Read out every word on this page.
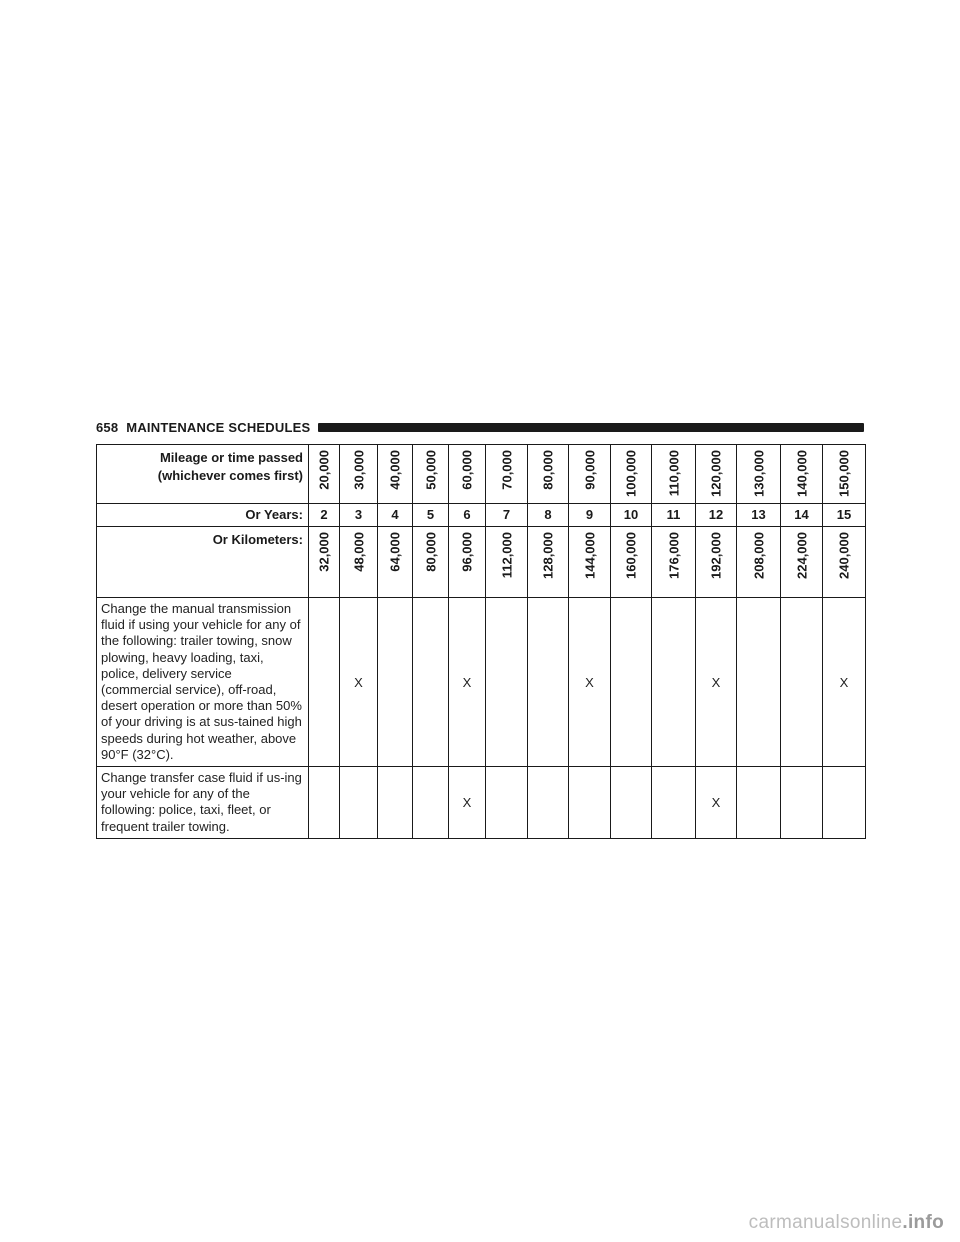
658 MAINTENANCE SCHEDULES
Mileage or time passed
(whichever comes first)	20,000	30,000	40,000	50,000	60,000	70,000	80,000	90,000	100,000	110,000	120,000	130,000	140,000	150,000

Or Years:	2	3	4	5	6	7	8	9	10	11	12	13	14	15
Or Kilometers:	32,000	48,000	64,000	80,000	96,000	112,000	128,000	144,000	160,000	176,000	192,000	208,000	224,000	240,000

Change the manual transmission fluid if using your vehicle for any of the following: trailer towing, snow plowing, heavy loading, taxi, police, delivery service (commercial service), off-road, desert operation or more than 50% of your driving is at sus-tained high speeds during hot weather, above 90°F (32°C).		X			X			X			X			X
Change transfer case fluid if us-ing your vehicle for any of the following: police, taxi, fleet, or frequent trailer towing.					X						X			
carmanualsonline.info
